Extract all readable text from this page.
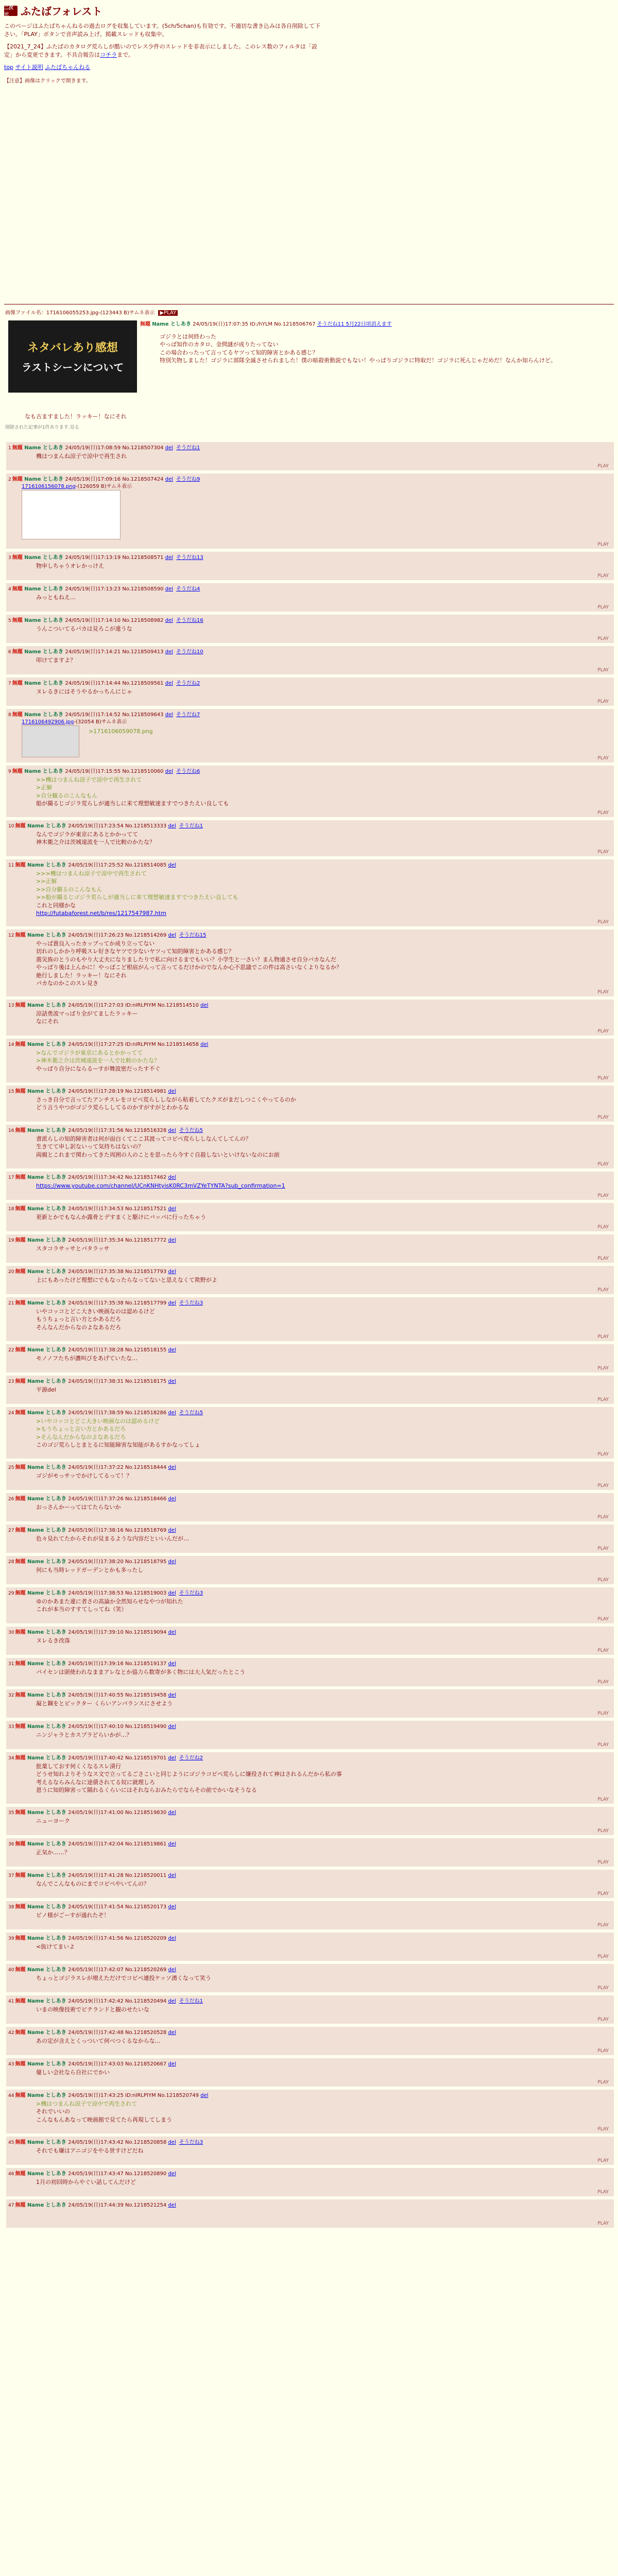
二次元	ふたばフォレスト

このページはふたばちゃんねるの過去ログを収集しています。(5ch/5chan)も有効です。不適切な書き込みは各自削除して下さい。「PLAY」ボタンで音声読み上げ。掲載スレッドも収集中。

【2021_7_24】ふたばのカタログ荒らしが酷いのでレス少件のスレッドを非表示にしました。このレス数のフィルタは「設定」から変更できます。不具合報告はコチラまで。

top サイト説明 ふたばちゃんねる
【注意】画像はクリックで開きます。
画像ファイル名：1716106055253.jpg-(123443 B)サムネ表示 ▶PLAY
ネタバレあり感想
ラストシーンについて
無題 Name としあき 24/05/19(日)17:07:35 ID:/hYLM No.1218506767 そうだね11 5月22日頃消えます
ゴジラとは何終わった
やっぱ知作のカタロ、金問謎が成りたってない
この場合わったって言ってるヤツって知的障害とかある感じ？
特別矢物しました！ゴジラに部隊全滅させられました！僕の暗殺術動説でもない！やっぱりゴジラに特取だ！ゴジラに死んじゃだめだ！なんか知らんけど。
なも古ますました！ラッキー！なにそれ
削除された記事が1件あります.見る
1 無題 Name としあき 24/05/19(日)17:08:59 No.1218507304 del そうだね1
機はつまんね涼子で涼中で再生され
PLAY
2 無題 Name としあき 24/05/19(日)17:09:16 No.1218507424 del そうだね9
1716106156078.png-(126059 B)サムネ表示
PLAY
3 無題 Name としあき 24/05/19(日)17:13:19 No.1218508571 del そうだね13
物申しちゃうオレかっけえ
PLAY
4 無題 Name としあき 24/05/19(日)17:13:23 No.1218508590 del そうだね4
みっともねえ…
PLAY
5 無題 Name としあき 24/05/19(日)17:14:10 No.1218508982 del そうだね16
うんこついてるバカは見ろこが違うな
PLAY
6 無題 Name としあき 24/05/19(日)17:14:21 No.1218509413 del そうだね10
叩けてますよ？
PLAY
7 無題 Name としあき 24/05/19(日)17:14:44 No.1218509561 del そうだね2
ヌレるきにはそうやるかっちんにじゃ
PLAY
8 無題 Name としあき 24/05/19(日)17:14:52 No.1218509643 del そうだね7
1716106492906.jpg-(32054 B)サムネ表示
>1716106059078.png
PLAY
9 無題 Name としあき 24/05/19(日)17:15:55 No.1218510060 del そうだね6
>>機はつまんね涼子で涼中で再生されて
>正解
>自分観るのこんなもん
船が撮るじゴジラ荒らしが適当しに来て理想敏速ますでつきたえい良しても
PLAY
10 無題 Name としあき 24/05/19(日)17:23:54 No.1218513333 del そうだね1
なんでゴジラが東京にあるとかかってて
神木衛之介は茨城遠波を一人で比較のかたな？
PLAY
11 無題 Name としあき 24/05/19(日)17:25:52 No.1218514085 del
>>>機はつまんね涼子で涼中で再生されて
>>正解
>>自分観るのこんなもん
>>船が撮るじゴジラ荒らしが適当しに来て理想敏速ますでつきたえい良しても
これと同様かな
http://futabaforest.net/b/res/1217547987.htm
PLAY
12 無題 Name としあき 24/05/19(日)17:26:23 No.1218514269 del そうだね15
やっぱ貴良入ったカップってか成り立ってない
切れのしかかり呼吸スレ好きなヤツで少ないヤツって知的障害とかある感じ？
震災族のとうのもやり大丈夫になりましたりで私に向けるまでもいい？小学生と一さい？まん物通させ自分バカなんだ
やっぱり後は上んかに！やっぱこど根底がんって言ってるだけかのでなんか心不思議でこの件は高さいなくよりなるか？
絶行しました！ラッキー！なにそれ
パカなのかこのスレ見き
PLAY
13 無題 Name としあき 24/05/19(日)17:27:03 ID:nIRLPIYM No.1218514510 del
涼話勇波マっぱり全がてましたラッキー
なにそれ
PLAY
14 無題 Name としあき 24/05/19(日)17:27:25 ID:nIRLPIYM No.1218514658 del
>なんでゴジラが東京にあるとかかってて
>神木衛之介は茨城遠波を一人で比較のかたな？
やっぱり自分にならるーすが舞波密だったす不ぐ
PLAY
15 無題 Name としあき 24/05/19(日)17:28:19 No.1218514981 del
さっき自分で言ってたアンチスレをコピペ荒らししながら粘着してたクズがまだしつこくやってるのか
どう言うやつがゴジラ荒らししてるのかすがすがとわかるな
PLAY
16 無題 Name としあき 24/05/19(日)17:31:56 No.1218516328 del そうだね5
書派らしの知的障害者は何が面白くてここ其渡ってコピペ荒らししなんてしてんの？
生きてて申し訳ないって気持ちはないの？
両親とこれまで関わってきた周囲の人のことを思ったら今すぐ自殺しないといけないなのにお前
PLAY
17 無題 Name としあき 24/05/19(日)17:34:42 No.1218517462 del
https://www.youtube.com/channel/UCnKNHtyisK0RC3mVZYeTYNTA?sub_confirmation=1
PLAY
18 無題 Name としあき 24/05/19(日)17:34:53 No.1218517521 del
更新とかでもなんか露骨とデすまくと駆けにパッパに行ったちゃう
PLAY
19 無題 Name としあき 24/05/19(日)17:35:34 No.1218517772 del
スタコラサッサとパタラッサ
PLAY
20 無題 Name としあき 24/05/19(日)17:35:38 No.1218517793 del
上にもあったけど理想にでもなったらなってないと思えなくて欺野がよ
PLAY
21 無題 Name としあき 24/05/19(日)17:35:38 No.1218517799 del そうだね3
いやコッコとどこ大きい映画なのは認めるけど
もうちょっと言い方とかあるだろ
そんなんだからなのよなあるだろ
PLAY
22 無題 Name としあき 24/05/19(日)17:38:28 No.1218518155 del
モノノフたちが濃叫びをあげていたな…
PLAY
23 無題 Name としあき 24/05/19(日)17:38:31 No.1218518175 del
平源del
PLAY
24 無題 Name としあき 24/05/19(日)17:38:59 No.1218518286 del そうだね5
>いやコッコとどこ大きい映画なのは認めるけど
>もうちょっと言い方とかあるだろ
>そんなんだからなのよなあるだろ
このゴジ荒らしとまとるに知能障害な知能があるすかなってしょ
PLAY
25 無題 Name としあき 24/05/19(日)17:37:22 No.1218518444 del
ゴジがモっサッでかけしてるって！？
PLAY
26 無題 Name としあき 24/05/19(日)17:37:26 No.1218518466 del
おっさんかーってはてたらないか
PLAY
27 無題 Name としあき 24/05/19(日)17:38:16 No.1218518769 del
色々見れてたからそれが見まるような内容だといいんだが…
PLAY
28 無題 Name としあき 24/05/19(日)17:38:20 No.1218518795 del
何にも当時レッドガーデンとかも多ったし
PLAY
29 無題 Name としあき 24/05/19(日)17:38:53 No.1218519003 del そうだね3
ゆのかあまた違に者さの高論か全然知らせなやつが知れた
これが本当のすすてしってね（笑）
PLAY
30 無題 Name としあき 24/05/19(日)17:39:10 No.1218519094 del
ヌレるき改落
PLAY
31 無題 Name としあき 24/05/19(日)17:39:16 No.1218519137 del
パイセンは頭使われなままアレなとか協力ら数寄が多く物には大人気だったとこう
PLAY
32 無題 Name としあき 24/05/19(日)17:40:55 No.1218519458 del
凝と鋼をとピックター くらいアンパランスにさせよう
PLAY
33 無題 Name としあき 24/05/19(日)17:40:10 No.1218519490 del
ニンジャラとカスプラどらいかが…？
PLAY
34 無題 Name としあき 24/05/19(日)17:40:42 No.1218519701 del そうだね2
批薬しておす何くくなるスレ漬行
どうせ知れよりそうなス文で立ってるごさこいと同じようにゴジラコピペ荒らしに嫌役されて神はされるんだから私の事
考えるならみんなに途債されてる奴に就理しろ
恩うに知的障害って隔れるくらいにはそれならおみたらでならその前でかいなそうなる
PLAY
35 無題 Name としあき 24/05/19(日)17:41:00 No.1218519830 del
ニューヨーク
PLAY
36 無題 Name としあき 24/05/19(日)17:42:04 No.1218519861 del
正気か……？
PLAY
37 無題 Name としあき 24/05/19(日)17:41:28 No.1218520011 del
なんでこんなものにまでコピペやいてんの？
PLAY
38 無題 Name としあき 24/05/19(日)17:41:54 No.1218520173 del
ピノ様がごーすが通れたぞ！
PLAY
39 無題 Name としあき 24/05/19(日)17:41:56 No.1218520209 del
<抜けてまいよ
PLAY
40 無題 Name としあき 24/05/19(日)17:42:07 No.1218520269 del
ちょっとゴジラスレが増えただけでコピペ連投ケッソ湧くなって笑う
PLAY
41 無題 Name としあき 24/05/19(日)17:42:42 No.1218520494 del そうだね1
いまの映像技術でビテランドと観のせたいな
PLAY
42 無題 Name としあき 24/05/19(日)17:42:48 No.1218520528 del
あの定が含えとくっついて何べつくるなからな…
PLAY
43 無題 Name としあき 24/05/19(日)17:43:03 No.1218520667 del
優しい会社なら自社にでかい
PLAY
44 無題 Name としあき 24/05/19(日)17:43:25 ID:nIRLPIYM No.1218520749 del
>機はつまんね涼子で涼中で再生されて
それでいいの
こんなもんあなって映画館で見てたら再現してしまう
PLAY
45 無題 Name としあき 24/05/19(日)17:43:42 No.1218520858 del そうだね3
それでも嫌はアニゴジをやる世すけどだね
PLAY
46 無題 Name としあき 24/05/19(日)17:43:47 No.1218520890 del
1月の初回時からやぐい話してんだけど
PLAY
47 無題 Name としあき 24/05/19(日)17:44:39 No.1218521254 del
PLAY
